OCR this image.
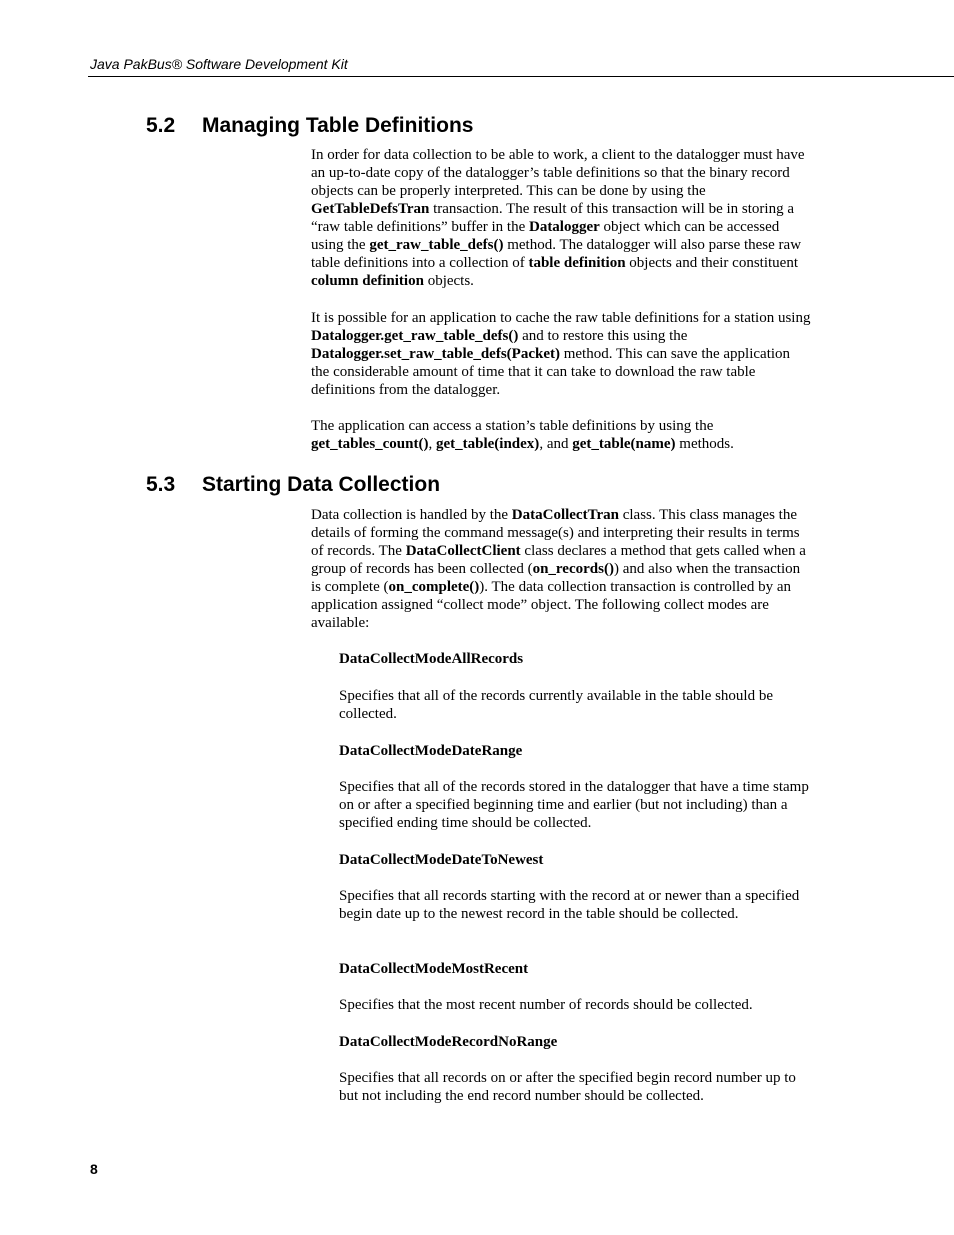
Java PakBus® Software Development Kit
5.2 Managing Table Definitions

In order for data collection to be able to work, a client to the datalogger must have an up-to-date copy of the datalogger’s table definitions so that the binary record objects can be properly interpreted. This can be done by using the GetTableDefsTran transaction. The result of this transaction will be in storing a “raw table definitions” buffer in the Datalogger object which can be accessed using the get_raw_table_defs() method. The datalogger will also parse these raw table definitions into a collection of table definition objects and their constituent column definition objects.

It is possible for an application to cache the raw table definitions for a station using Datalogger.get_raw_table_defs() and to restore this using the Datalogger.set_raw_table_defs(Packet) method. This can save the application the considerable amount of time that it can take to download the raw table definitions from the datalogger.

The application can access a station’s table definitions by using the get_tables_count(), get_table(index), and get_table(name) methods.

5.3 Starting Data Collection

Data collection is handled by the DataCollectTran class. This class manages the details of forming the command message(s) and interpreting their results in terms of records. The DataCollectClient class declares a method that gets called when a group of records has been collected (on_records()) and also when the transaction is complete (on_complete()). The data collection transaction is controlled by an application assigned “collect mode” object. The following collect modes are available:

DataCollectModeAllRecords

Specifies that all of the records currently available in the table should be collected.

DataCollectModeDateRange

Specifies that all of the records stored in the datalogger that have a time stamp on or after a specified beginning time and earlier (but not including) than a specified ending time should be collected.

DataCollectModeDateToNewest

Specifies that all records starting with the record at or newer than a specified begin date up to the newest record in the table should be collected.

DataCollectModeMostRecent

Specifies that the most recent number of records should be collected.

DataCollectModeRecordNoRange

Specifies that all records on or after the specified begin record number up to but not including the end record number should be collected.

8
